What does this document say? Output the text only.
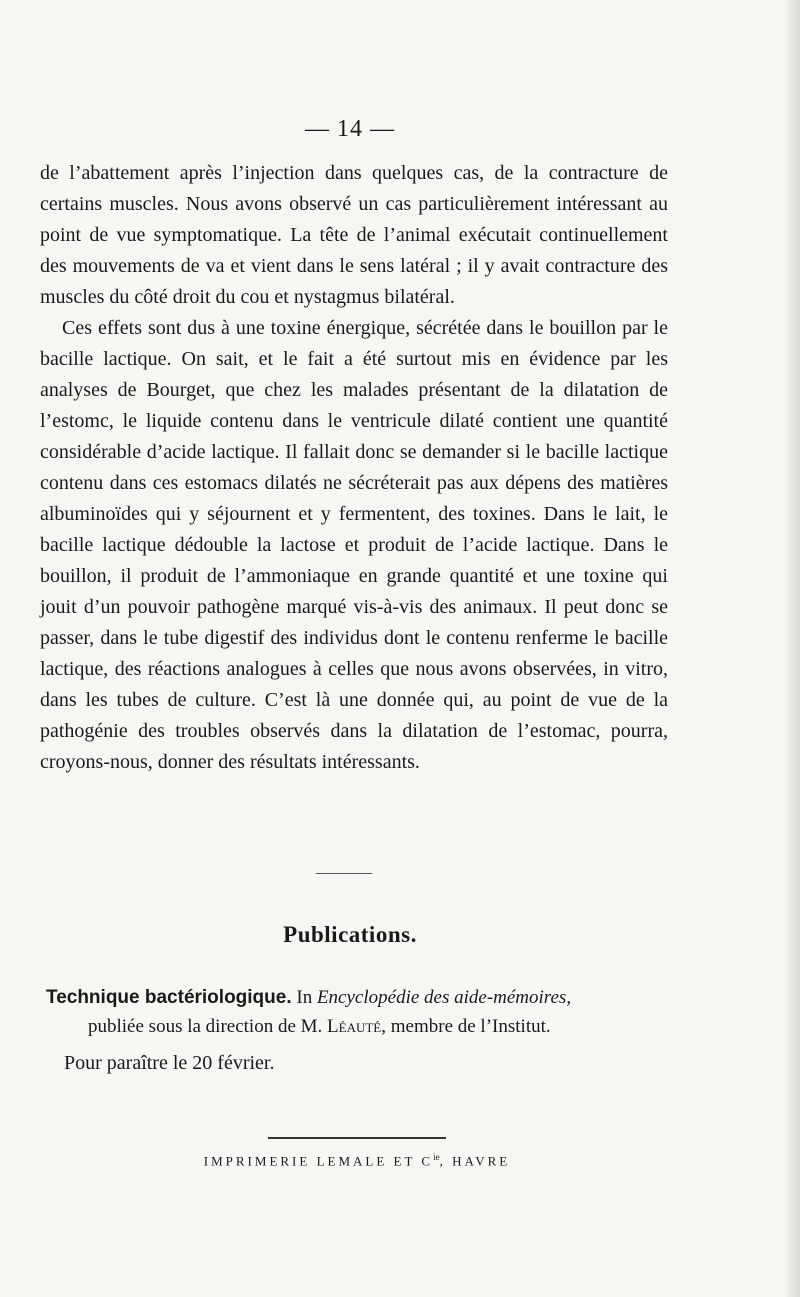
— 14 —

de l’abattement après l’injection dans quelques cas, de la contracture de certains muscles. Nous avons observé un cas particulièrement intéressant au point de vue symptomatique. La tête de l’animal exécutait continuellement des mouvements de va et vient dans le sens latéral ; il y avait contracture des muscles du côté droit du cou et nystagmus bilatéral.

Ces effets sont dus à une toxine énergique, sécrétée dans le bouillon par le bacille lactique. On sait, et le fait a été surtout mis en évidence par les analyses de Bourget, que chez les malades présentant de la dilatation de l’estomc, le liquide contenu dans le ventricule dilaté contient une quantité considérable d’acide lactique. Il fallait donc se demander si le bacille lactique contenu dans ces estomacs dilatés ne sécréterait pas aux dépens des matières albuminoïdes qui y séjournent et y fermentent, des toxines. Dans le lait, le bacille lactique dédouble la lactose et produit de l’acide lactique. Dans le bouillon, il produit de l’ammoniaque en grande quantité et une toxine qui jouit d’un pouvoir pathogène marqué vis-à-vis des animaux. Il peut donc se passer, dans le tube digestif des individus dont le contenu renferme le bacille lactique, des réactions analogues à celles que nous avons observées, in vitro, dans les tubes de culture. C’est là une donnée qui, au point de vue de la pathogénie des troubles observés dans la dilatation de l’estomac, pourra, croyons-nous, donner des résultats intéressants.

Publications.
Technique bactériologique. In Encyclopédie des aide-mémoires,
publiée sous la direction de M. Léauté, membre de l’Institut.
Pour paraître le 20 février.
IMPRIMERIE LEMALE ET $C^{ie}$, HAVRE
